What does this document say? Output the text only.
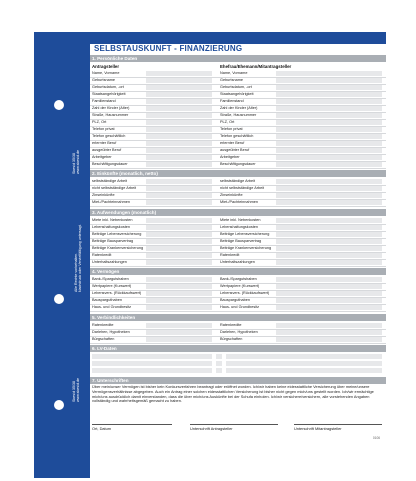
Sbesid 35/38
www.sbesid.de
Alle Rechte vorbehalten.
Nachdruck oder Vervielfältigung untersagt.
Sbesid 35/38
www.sbesid.de
SELBSTAUSKUNFT - FINANZIERUNG
1. Persönliche Daten
Antragsteller	Ehefrau/Ehemann/Mitantragsteller
2. Einkünfte (monatlich, netto)
3. Aufwendungen (monatlich)
4. Vermögen
5. Verbindlichkeiten
6. LV-Daten
7. Unterschriften
Über mein/unser Vermögen ist bisher kein Konkursverfahren beantragt oder eröffnet worden. Ich/wir haben keine eidesstattliche Versicherung über meine/unsere Vermögensverhältnisse abgegeben. Auch ein Antrag einer solchen eidesstattlichen Versicherung ist bisher nicht gegen mich/uns gestellt worden. Ich/wir ermächtige mich/uns ausdrücklich damit einverstanden, dass die über mich/uns Auskünfte bei der Schufa einholen. Ich/wir versichere/versichern, alle vorstehenden Angaben vollständig und wahrheitsgemäß gemacht zu haben.
Ort, Datum	Unterschrift Antragsteller	Unterschrift Mitantragsteller
0106
Name, Vorname	Name, Vorname
Geburtsname	Geburtsname
Geburtsdatum, -ort	Geburtsdatum, -ort
Staatsangehörigkeit	Staatsangehörigkeit
Familienstand	Familienstand
Zahl der Kinder (Alter)	Zahl der Kinder (Alter)
Straße, Hausnummer	Straße, Hausnummer
PLZ, Ort	PLZ, Ort
Telefon privat	Telefon privat
Telefon geschäftlich	Telefon geschäftlich
erlernter Beruf	erlernter Beruf
ausgeübter Beruf	ausgeübter Beruf
Arbeitgeber	Arbeitgeber
Beschäftigungsdauer	Beschäftigungsdauer
selbstständige Arbeit	selbstständige Arbeit
nicht selbstständige Arbeit	nicht selbstständige Arbeit
Zinseinkünfte	Zinseinkünfte
Miet-/Pachteinnahmen	Miet-/Pachteinnahmen
Miete inkl. Nebenkosten	Miete inkl. Nebenkosten
Lebenshaltungskosten	Lebenshaltungskosten
Beiträge Lebensversicherung	Beiträge Lebensversicherung
Beiträge Bausparvertrag	Beiträge Bausparvertrag
Beiträge Krankenversicherung	Beiträge Krankenversicherung
Ratenkredit	Ratenkredit
Unterhaltszahlungen	Unterhaltszahlungen
Bank-/Spargutshaben	Bank-/Spargutshaben
Wertpapiere (Kurswert)	Wertpapiere (Kurswert)
Lebensvers. (Rückkaufswert)	Lebensvers. (Rückkaufswert)
Bausparguthaben	Bausparguthaben
Haus- und Grundbesitz	Haus- und Grundbesitz
Ratenkredite	Ratenkredite
Darlehen, Hypotheken	Darlehen, Hypotheken
Bürgschaften	Bürgschaften
